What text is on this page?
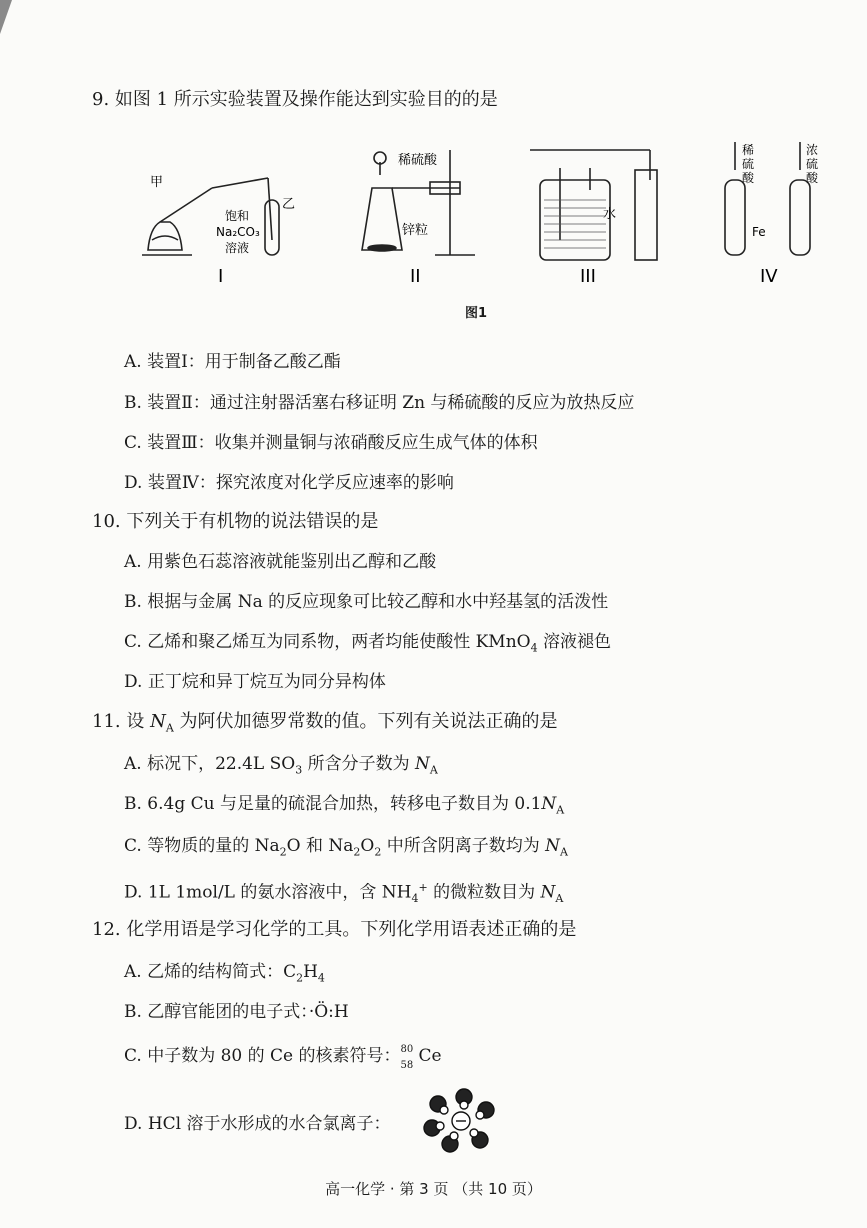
9. 如图 1 所示实验装置及操作能达到实验目的的是
甲
乙
饱和
Na₂CO₃
溶液
I
稀硫酸
锌粒
II
水
III
稀
硫
酸
浓
硫
酸
Fe
IV
图1
A. 装置Ⅰ：用于制备乙酸乙酯
B. 装置Ⅱ：通过注射器活塞右移证明 Zn 与稀硫酸的反应为放热反应
C. 装置Ⅲ：收集并测量铜与浓硝酸反应生成气体的体积
D. 装置Ⅳ：探究浓度对化学反应速率的影响
10. 下列关于有机物的说法错误的是
A. 用紫色石蕊溶液就能鉴别出乙醇和乙酸
B. 根据与金属 Na 的反应现象可比较乙醇和水中羟基氢的活泼性
C. 乙烯和聚乙烯互为同系物，两者均能使酸性 KMnO$_4$ 溶液褪色
D. 正丁烷和异丁烷互为同分异构体
11. 设 $N_A$ 为阿伏加德罗常数的值。下列有关说法正确的是
A. 标况下，22.4L $SO_3$ 所含分子数为 $N_A$
B. 6.4g Cu 与足量的硫混合加热，转移电子数目为 $0.1N_A$
C. 等物质的量的 $Na_2O$ 和 $Na_2O_2$ 中所含阴离子数均为 $N_A$
D. 1L 1mol/L 的氨水溶液中，含 $NH_4^+$ 的微粒数目为 $N_A$
12. 化学用语是学习化学的工具。下列化学用语表述正确的是
A. 乙烯的结构简式：$C_2H_4$
B. 乙醇官能团的电子式：·Ö:H
C. 中子数为 80 的 Ce 的核素符号： 80
58 Ce
D. HCl 溶于水形成的水合氯离子：
高一化学 · 第 3 页 （共 10 页）
